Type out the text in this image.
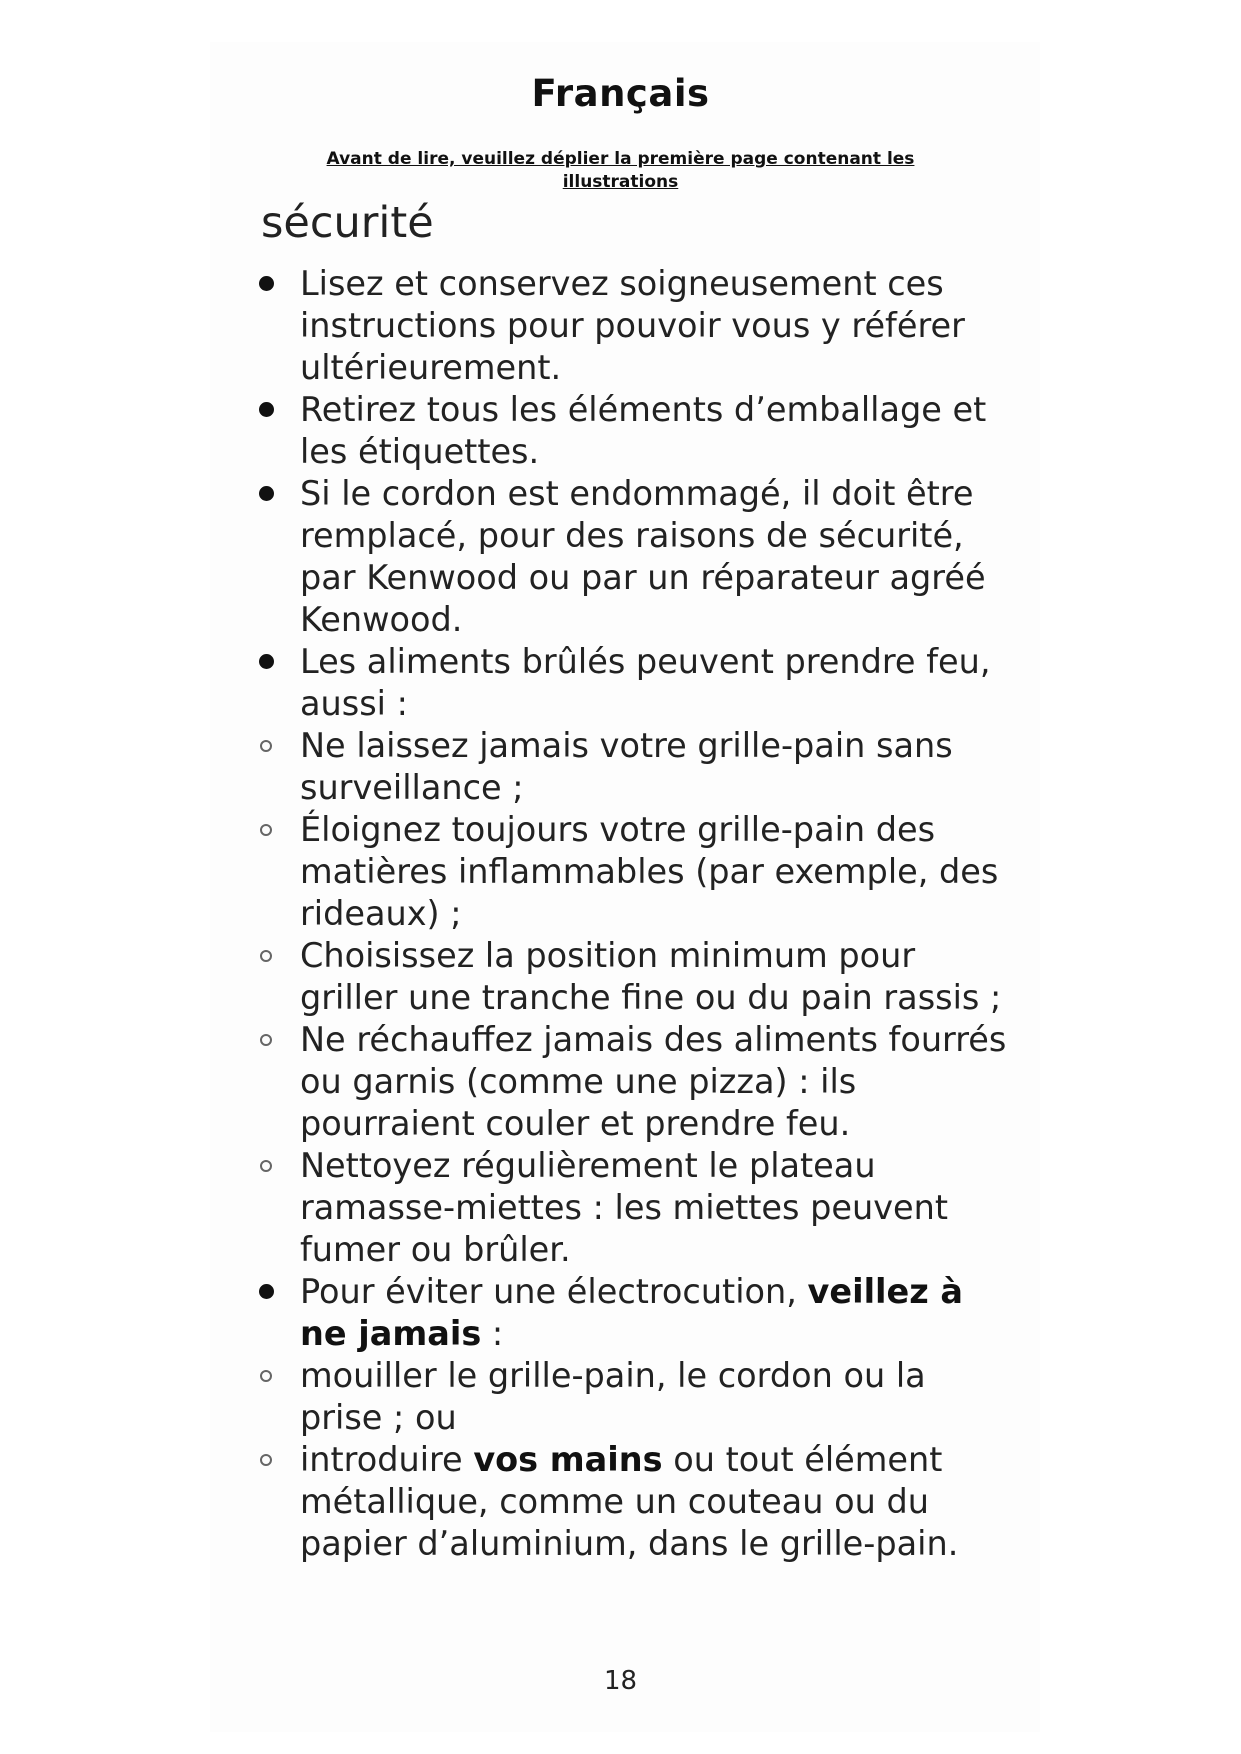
Français
Avant de lire, veuillez déplier la première page contenant les
illustrations
sécurité
Lisez et conservez soigneusement ces instructions pour pouvoir vous y référer ultérieurement.
Retirez tous les éléments d’emballage et les étiquettes.
Si le cordon est endommagé, il doit être remplacé, pour des raisons de sécurité, par Kenwood ou par un réparateur agréé Kenwood.
Les aliments brûlés peuvent prendre feu, aussi :
Ne laissez jamais votre grille-pain sans surveillance ;
Éloignez toujours votre grille-pain des matières inflammables (par exemple, des rideaux) ;
Choisissez la position minimum pour griller une tranche fine ou du pain rassis ;
Ne réchauffez jamais des aliments fourrés ou garnis (comme une pizza) : ils pourraient couler et prendre feu.
Nettoyez régulièrement le plateau ramasse-miettes : les miettes peuvent fumer ou brûler.
Pour éviter une électrocution, veillez à ne jamais :
mouiller le grille-pain, le cordon ou la prise ; ou
introduire vos mains ou tout élément métallique, comme un couteau ou du papier d’aluminium, dans le grille-pain.
18
